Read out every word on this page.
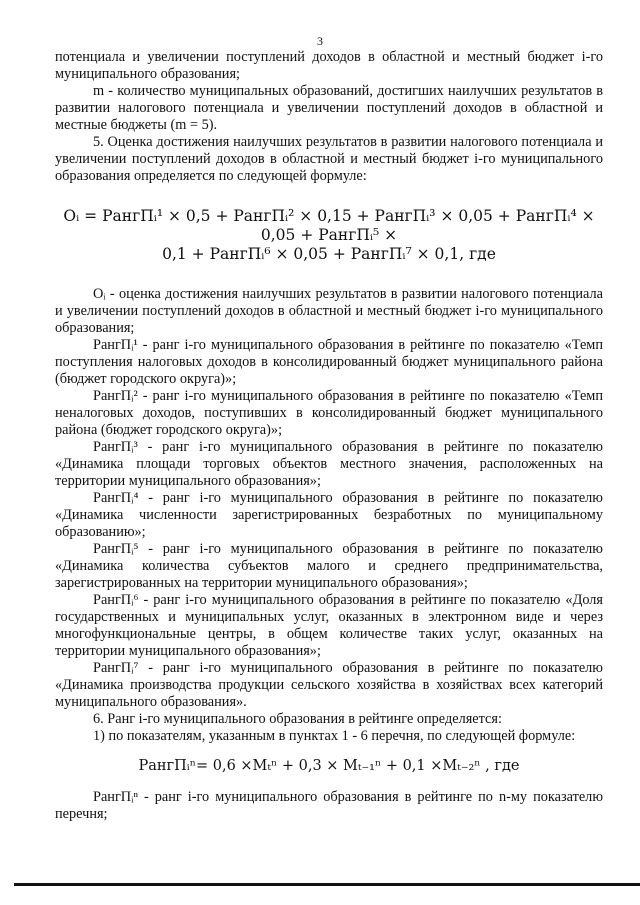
3

потенциала и увеличении поступлений доходов в областной и местный бюджет i-го муниципального образования;

m - количество муниципальных образований, достигших наилучших результатов в развитии налогового потенциала и увеличении поступлений доходов в областной и местные бюджеты (m = 5).

5. Оценка достижения наилучших результатов в развитии налогового потенциала и увеличении поступлений доходов в областной и местный бюджет i-го муниципального образования определяется по следующей формуле:

Oᵢ = РангПᵢ¹ × 0,5 + РангПᵢ² × 0,15 + РангПᵢ³ × 0,05 + РангПᵢ⁴ × 0,05 + РангПᵢ⁵ ×
0,1 + РангПᵢ⁶ × 0,05 + РангПᵢ⁷ × 0,1, где

Oᵢ - оценка достижения наилучших результатов в развитии налогового потенциала и увеличении поступлений доходов в областной и местный бюджет i-го муниципального образования;

РангПᵢ¹ - ранг i-го муниципального образования в рейтинге по показателю «Темп поступления налоговых доходов в консолидированный бюджет муниципального района (бюджет городского округа)»;

РангПᵢ² - ранг i-го муниципального образования в рейтинге по показателю «Темп неналоговых доходов, поступивших в консолидированный бюджет муниципального района (бюджет городского округа)»;

РангПᵢ³ - ранг i-го муниципального образования в рейтинге по показателю «Динамика площади торговых объектов местного значения, расположенных на территории муниципального образования»;

РангПᵢ⁴ - ранг i-го муниципального образования в рейтинге по показателю «Динамика численности зарегистрированных безработных по муниципальному образованию»;

РангПᵢ⁵ - ранг i-го муниципального образования в рейтинге по показателю «Динамика количества субъектов малого и среднего предпринимательства, зарегистрированных на территории муниципального образования»;

РангПᵢ⁶ - ранг i-го муниципального образования в рейтинге по показателю «Доля государственных и муниципальных услуг, оказанных в электронном виде и через многофункциональные центры, в общем количестве таких услуг, оказанных на территории муниципального образования»;

РангПᵢ⁷ - ранг i-го муниципального образования в рейтинге по показателю «Динамика производства продукции сельского хозяйства в хозяйствах всех категорий муниципального образования».

6. Ранг i-го муниципального образования в рейтинге определяется:

1) по показателям, указанным в пунктах 1 - 6 перечня, по следующей формуле:

РангПᵢⁿ= 0,6 ×Mₜⁿ + 0,3 × Mₜ₋₁ⁿ + 0,1 ×Mₜ₋₂ⁿ , где

РангПᵢⁿ - ранг i-го муниципального образования в рейтинге по n-му показателю перечня;
